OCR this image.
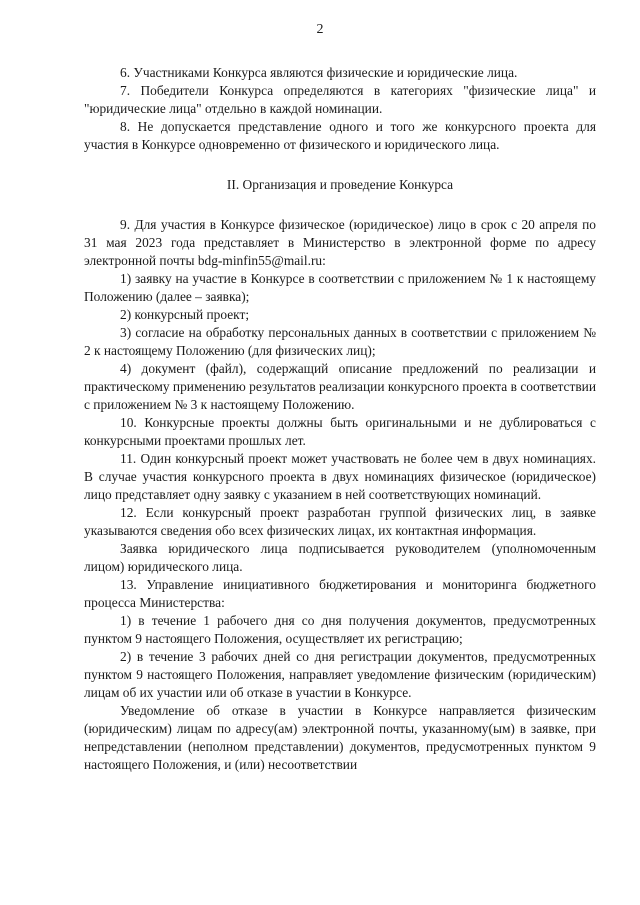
2

6. Участниками Конкурса являются физические и юридические лица.

7. Победители Конкурса определяются в категориях "физические лица" и "юридические лица" отдельно в каждой номинации.

8. Не допускается представление одного и того же конкурсного проекта для участия в Конкурсе одновременно от физического и юридического лица.

II. Организация и проведение Конкурса

9. Для участия в Конкурсе физическое (юридическое) лицо в срок с 20 апреля по 31 мая 2023 года представляет в Министерство в электронной форме по адресу электронной почты bdg-minfin55@mail.ru:

1) заявку на участие в Конкурсе в соответствии с приложением № 1 к настоящему Положению (далее – заявка);

2) конкурсный проект;

3) согласие на обработку персональных данных в соответствии с приложением № 2 к настоящему Положению (для физических лиц);

4) документ (файл), содержащий описание предложений по реализации и практическому применению результатов реализации конкурсного проекта в соответствии с приложением № 3 к настоящему Положению.

10. Конкурсные проекты должны быть оригинальными и не дублироваться с конкурсными проектами прошлых лет.

11. Один конкурсный проект может участвовать не более чем в двух номинациях. В случае участия конкурсного проекта в двух номинациях физическое (юридическое) лицо представляет одну заявку с указанием в ней соответствующих номинаций.

12. Если конкурсный проект разработан группой физических лиц, в заявке указываются сведения обо всех физических лицах, их контактная информация.

Заявка юридического лица подписывается руководителем (уполномоченным лицом) юридического лица.

13. Управление инициативного бюджетирования и мониторинга бюджетного процесса Министерства:

1) в течение 1 рабочего дня со дня получения документов, предусмотренных пунктом 9 настоящего Положения, осуществляет их регистрацию;

2) в течение 3 рабочих дней со дня регистрации документов, предусмотренных пунктом 9 настоящего Положения, направляет уведомление физическим (юридическим) лицам об их участии или об отказе в участии в Конкурсе.

Уведомление об отказе в участии в Конкурсе направляется физическим (юридическим) лицам по адресу(ам) электронной почты, указанному(ым) в заявке, при непредставлении (неполном представлении) документов, предусмотренных пунктом 9 настоящего Положения, и (или) несоответствии
